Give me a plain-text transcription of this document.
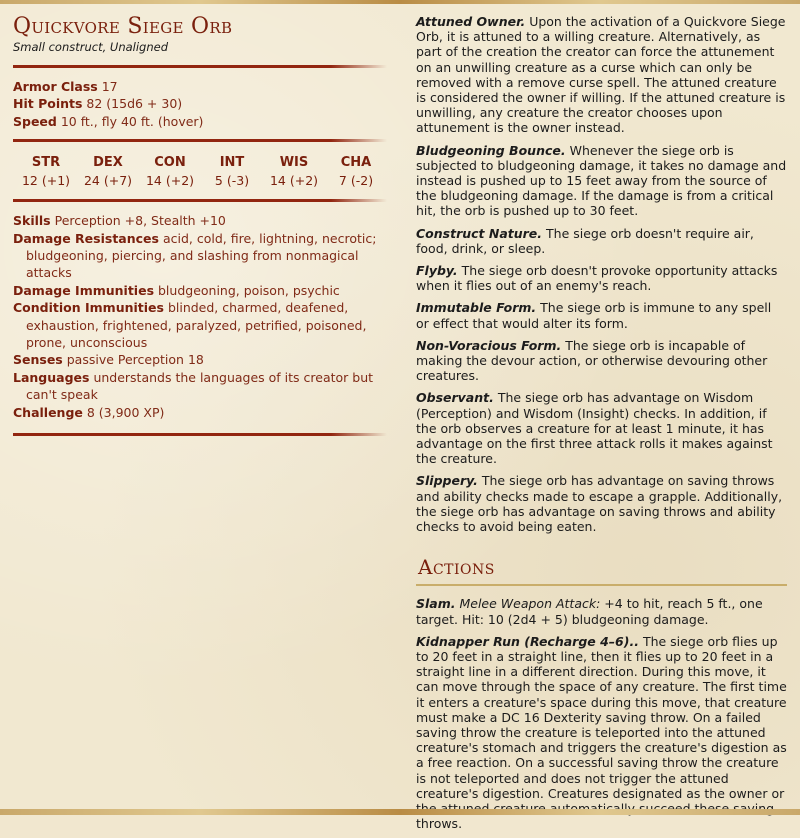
Quickvore Siege Orb
Small construct, Unaligned
Armor Class 17
Hit Points 82 (15d6 + 30)
Speed 10 ft., fly 40 ft. (hover)
STR
12 (+1)
DEX
24 (+7)
CON
14 (+2)
INT
5 (-3)
WIS
14 (+2)
CHA
7 (-2)
Skills Perception +8, Stealth +10
Damage Resistances acid, cold, fire, lightning, necrotic; bludgeoning, piercing, and slashing from nonmagical attacks
Damage Immunities bludgeoning, poison, psychic
Condition Immunities blinded, charmed, deafened, exhaustion, frightened, paralyzed, petrified, poisoned, prone, unconscious
Senses passive Perception 18
Languages understands the languages of its creator but can't speak
Challenge 8 (3,900 XP)

Attuned Owner. Upon the activation of a Quickvore Siege Orb, it is attuned to a willing creature. Alternatively, as part of the creation the creator can force the attunement on an unwilling creature as a curse which can only be removed with a remove curse spell. The attuned creature is considered the owner if willing. If the attuned creature is unwilling, any creature the creator chooses upon attunement is the owner instead.

Bludgeoning Bounce. Whenever the siege orb is subjected to bludgeoning damage, it takes no damage and instead is pushed up to 15 feet away from the source of the bludgeoning damage. If the damage is from a critical hit, the orb is pushed up to 30 feet.

Construct Nature. The siege orb doesn't require air, food, drink, or sleep.

Flyby. The siege orb doesn't provoke opportunity attacks when it flies out of an enemy's reach.

Immutable Form. The siege orb is immune to any spell or effect that would alter its form.

Non-Voracious Form. The siege orb is incapable of making the devour action, or otherwise devouring other creatures.

Observant. The siege orb has advantage on Wisdom (Perception) and Wisdom (Insight) checks. In addition, if the orb observes a creature for at least 1 minute, it has advantage on the first three attack rolls it makes against the creature.

Slippery. The siege orb has advantage on saving throws and ability checks made to escape a grapple. Additionally, the siege orb has advantage on saving throws and ability checks to avoid being eaten.

Actions

Slam. Melee Weapon Attack: +4 to hit, reach 5 ft., one target. Hit: 10 (2d4 + 5) bludgeoning damage.

Kidnapper Run (Recharge 4–6).. The siege orb flies up to 20 feet in a straight line, then it flies up to 20 feet in a straight line in a different direction. During this move, it can move through the space of any creature. The first time it enters a creature's space during this move, that creature must make a DC 16 Dexterity saving throw. On a failed saving throw the creature is teleported into the attuned creature's stomach and triggers the creature's digestion as a free reaction. On a successful saving throw the creature is not teleported and does not trigger the attuned creature's digestion. Creatures designated as the owner or throws.
